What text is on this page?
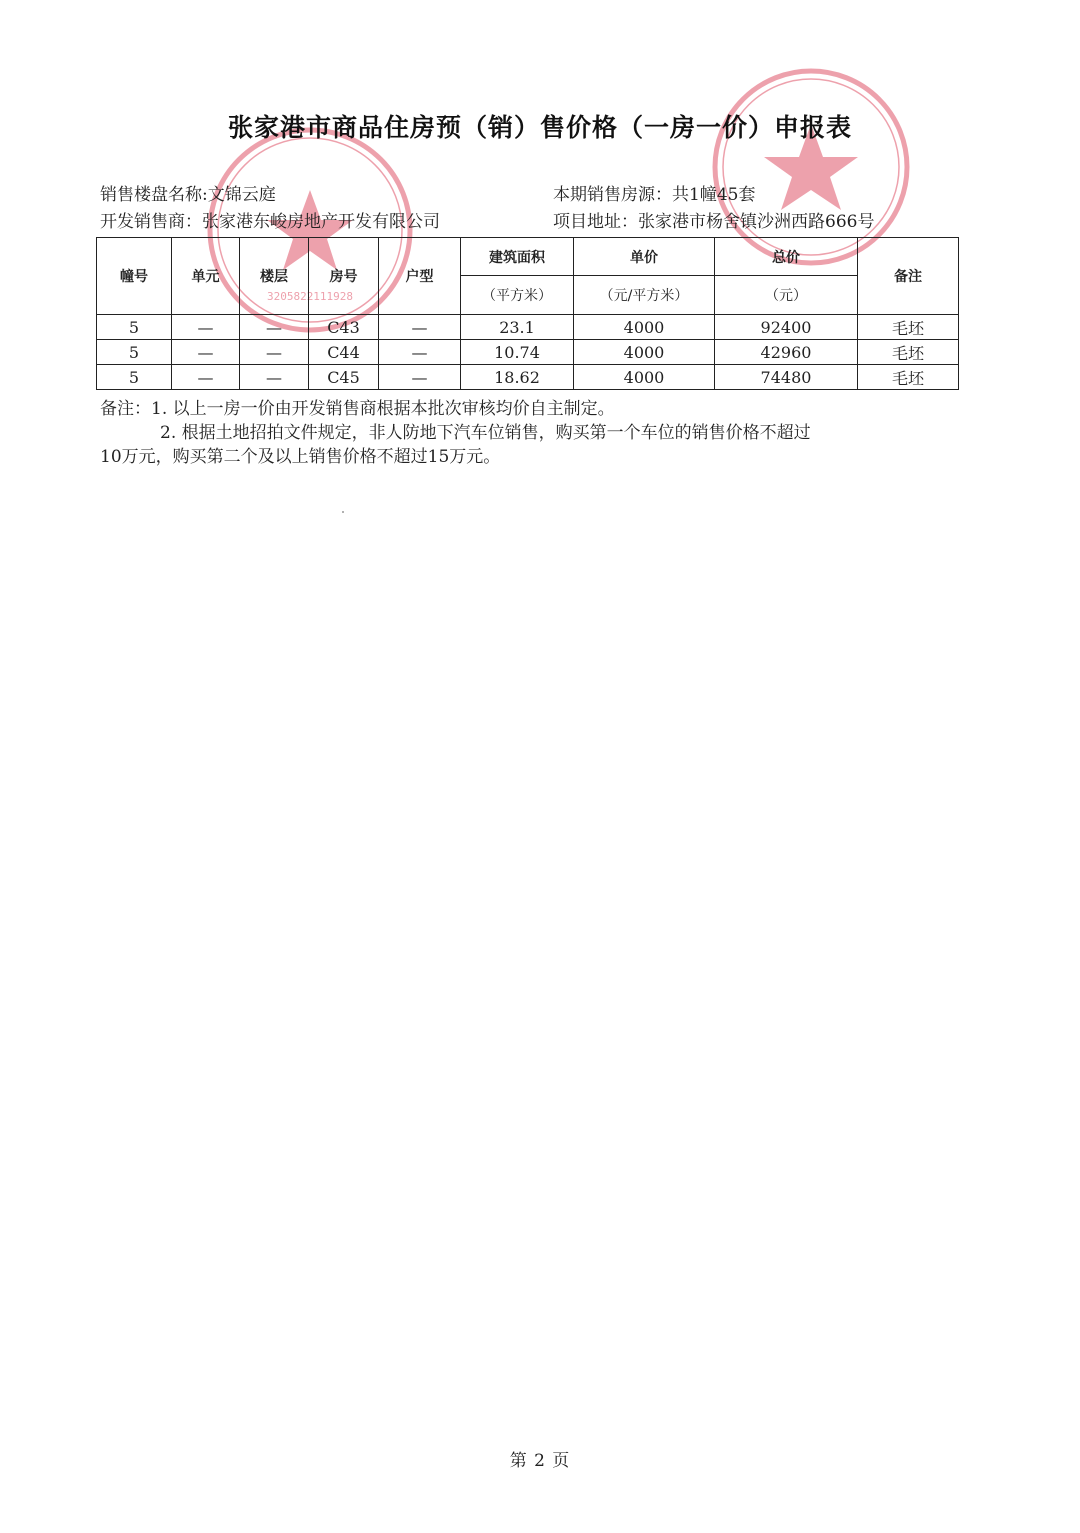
3205822111928
张家港市商品住房预（销）售价格（一房一价）申报表
销售楼盘名称:文锦云庭	本期销售房源：共1幢45套
开发销售商：张家港东峻房地产开发有限公司	项目地址：张家港市杨舍镇沙洲西路666号
幢号	单元	楼层	房号	户型	建筑面积	单价	总价	备注
					（平方米）	（元/平方米）	（元）	
5	—	—	C43	—	23.1	4000	92400	毛坯
5	—	—	C44	—	10.74	4000	42960	毛坯
5	—	—	C45	—	18.62	4000	74480	毛坯
备注：1. 以上一房一价由开发销售商根据本批次审核均价自主制定。
2. 根据土地招拍文件规定，非人防地下汽车位销售，购买第一个车位的销售价格不超过
10万元，购买第二个及以上销售价格不超过15万元。
第 2 页
